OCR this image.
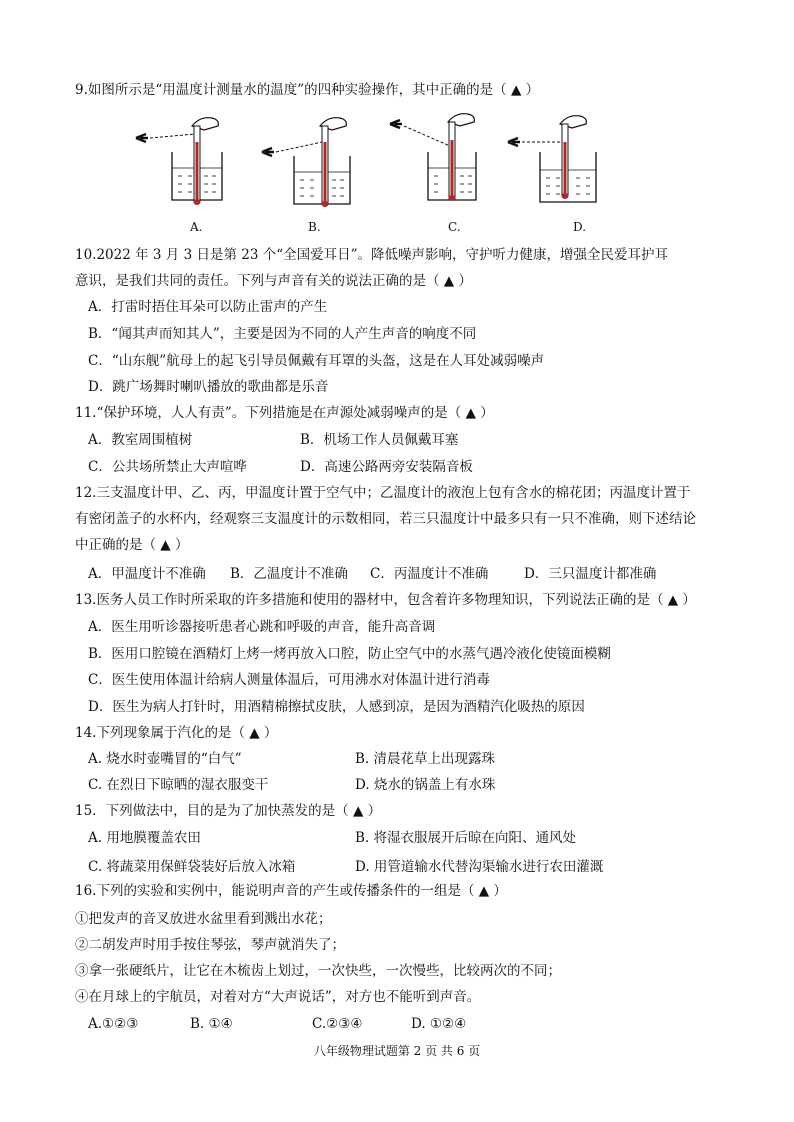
9.如图所示是“用温度计测量水的温度”的四种实验操作，其中正确的是（ ▲ ）
A.	B.	C.	D.
10.2022 年 3 月 3 日是第 23 个“全国爱耳日”。降低噪声影响，守护听力健康，增强全民爱耳护耳
意识，是我们共同的责任。下列与声音有关的说法正确的是（ ▲ ）
A．打雷时捂住耳朵可以防止雷声的产生
B．“闻其声而知其人”，主要是因为不同的人产生声音的响度不同
C．“山东舰”航母上的起飞引导员佩戴有耳罩的头盔，这是在人耳处减弱噪声
D．跳广场舞时喇叭播放的歌曲都是乐音
11.“保护环境，人人有责”。下列措施是在声源处减弱噪声的是（ ▲ ）
A．教室周围植树	B．机场工作人员佩戴耳塞
C．公共场所禁止大声喧哗	D．高速公路两旁安装隔音板
12.三支温度计甲、乙、丙，甲温度计置于空气中；乙温度计的液泡上包有含水的棉花团；丙温度计置于
有密闭盖子的水杯内，经观察三支温度计的示数相同，若三只温度计中最多只有一只不准确，则下述结论
中正确的是（ ▲ ）
A．甲温度计不准确 B．乙温度计不准确 C．丙温度计不准确	D．三只温度计都准确
13.医务人员工作时所采取的许多措施和使用的器材中，包含着许多物理知识，下列说法正确的是（ ▲ ）
A．医生用听诊器接听患者心跳和呼吸的声音，能升高音调
B．医用口腔镜在酒精灯上烤一烤再放入口腔，防止空气中的水蒸气遇冷液化使镜面模糊
C．医生使用体温计给病人测量体温后，可用沸水对体温计进行消毒
D．医生为病人打针时，用酒精棉擦拭皮肤，人感到凉，是因为酒精汽化吸热的原因
14.下列现象属于汽化的是（ ▲ ）
A. 烧水时壶嘴冒的“白气”	B. 清晨花草上出现露珠
C. 在烈日下晾晒的湿衣服变干	D. 烧水的锅盖上有水珠
15．下列做法中，目的是为了加快蒸发的是（ ▲ ）
A. 用地膜覆盖农田	B. 将湿衣服展开后晾在向阳、通风处
C. 将蔬菜用保鲜袋装好后放入冰箱	D. 用管道输水代替沟渠输水进行农田灌溉
16.下列的实验和实例中，能说明声音的产生或传播条件的一组是（ ▲ ）
①把发声的音叉放进水盆里看到溅出水花；
②二胡发声时用手按住琴弦，琴声就消失了；
③拿一张硬纸片，让它在木梳齿上划过，一次快些，一次慢些，比较两次的不同；
④在月球上的宇航员，对着对方“大声说话”，对方也不能听到声音。
A.①②③	B. ①④	C.②③④	D. ①②④
八年级物理试题第 2 页 共 6 页
